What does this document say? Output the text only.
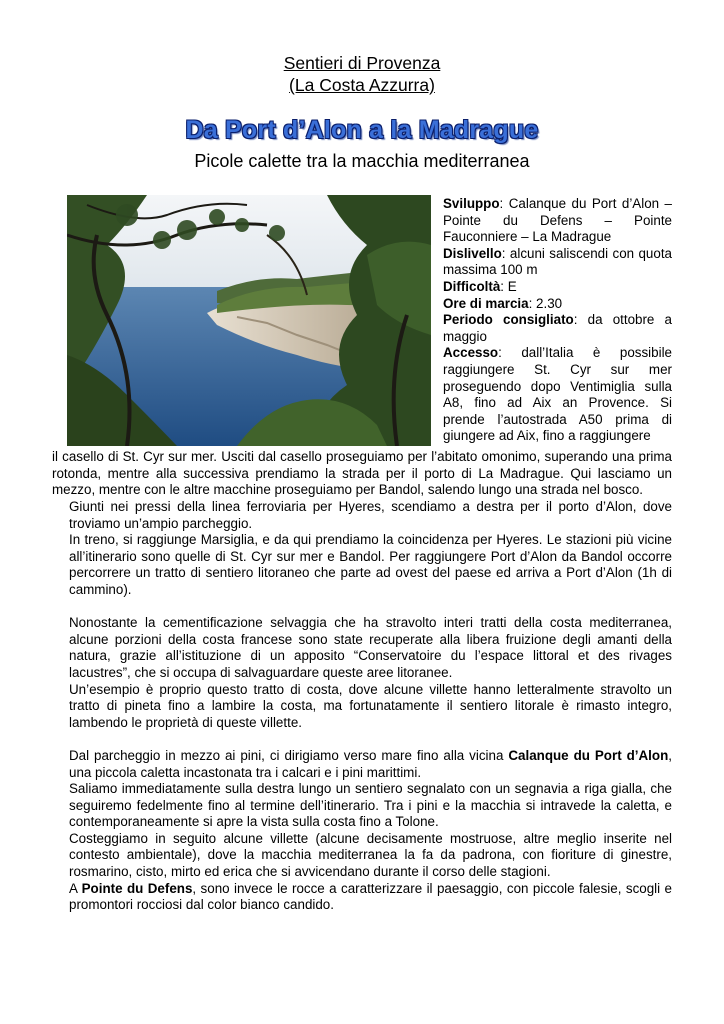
Sentieri di Provenza
(La Costa Azzurra)
Da Port d’Alon a la Madrague
Picole calette tra la macchia mediterranea

Sviluppo: Calanque du Port d’Alon – Pointe du Defens – Pointe Fauconniere – La Madrague

Dislivello: alcuni saliscendi con quota massima 100 m

Difficoltà: E

Ore di marcia: 2.30

Periodo consigliato: da ottobre a maggio

Accesso: dall’Italia è possibile raggiungere St. Cyr sur mer proseguendo dopo Ventimiglia sulla A8, fino ad Aix an Provence. Si prende l’autostrada A50 prima di giungere ad Aix, fino a raggiungere

il casello di St. Cyr sur mer. Usciti dal casello proseguiamo per l’abitato omonimo, superando una prima rotonda, mentre alla successiva prendiamo la strada per il porto di La Madrague. Qui lasciamo un mezzo, mentre con le altre macchine proseguiamo per Bandol, salendo lungo una strada nel bosco.

Giunti nei pressi della linea ferroviaria per Hyeres, scendiamo a destra per il porto d’Alon, dove troviamo un’ampio parcheggio.

In treno, si raggiunge Marsiglia, e da qui prendiamo la coincidenza per Hyeres. Le stazioni più vicine all’itinerario sono quelle di St. Cyr sur mer e Bandol. Per raggiungere Port d’Alon da Bandol occorre percorrere un tratto di sentiero litoraneo che parte ad ovest del paese ed arriva a Port d’Alon (1h di cammino).

Nonostante la cementificazione selvaggia che ha stravolto interi tratti della costa mediterranea, alcune porzioni della costa francese sono state recuperate alla libera fruizione degli amanti della natura, grazie all’istituzione di un apposito “Conservatoire du l’espace littoral et des rivages lacustres”, che si occupa di salvaguardare queste aree litoranee.

Un’esempio è proprio questo tratto di costa, dove alcune villette hanno letteralmente stravolto un tratto di pineta fino a lambire la costa, ma fortunatamente il sentiero litorale è rimasto integro, lambendo le proprietà di queste villette.

Dal parcheggio in mezzo ai pini, ci dirigiamo verso mare fino alla vicina Calanque du Port d’Alon, una piccola caletta incastonata tra i calcari e i pini marittimi.

Saliamo immediatamente sulla destra lungo un sentiero segnalato con un segnavia a riga gialla, che seguiremo fedelmente fino al termine dell’itinerario. Tra i pini e la macchia si intravede la caletta, e contemporaneamente si apre la vista sulla costa fino a Tolone.

Costeggiamo in seguito alcune villette (alcune decisamente mostruose, altre meglio inserite nel contesto ambientale), dove la macchia mediterranea la fa da padrona, con fioriture di ginestre, rosmarino, cisto, mirto ed erica che si avvicendano durante il corso delle stagioni.

A Pointe du Defens, sono invece le rocce a caratterizzare il paesaggio, con piccole falesie, scogli e promontori rocciosi dal color bianco candido.
